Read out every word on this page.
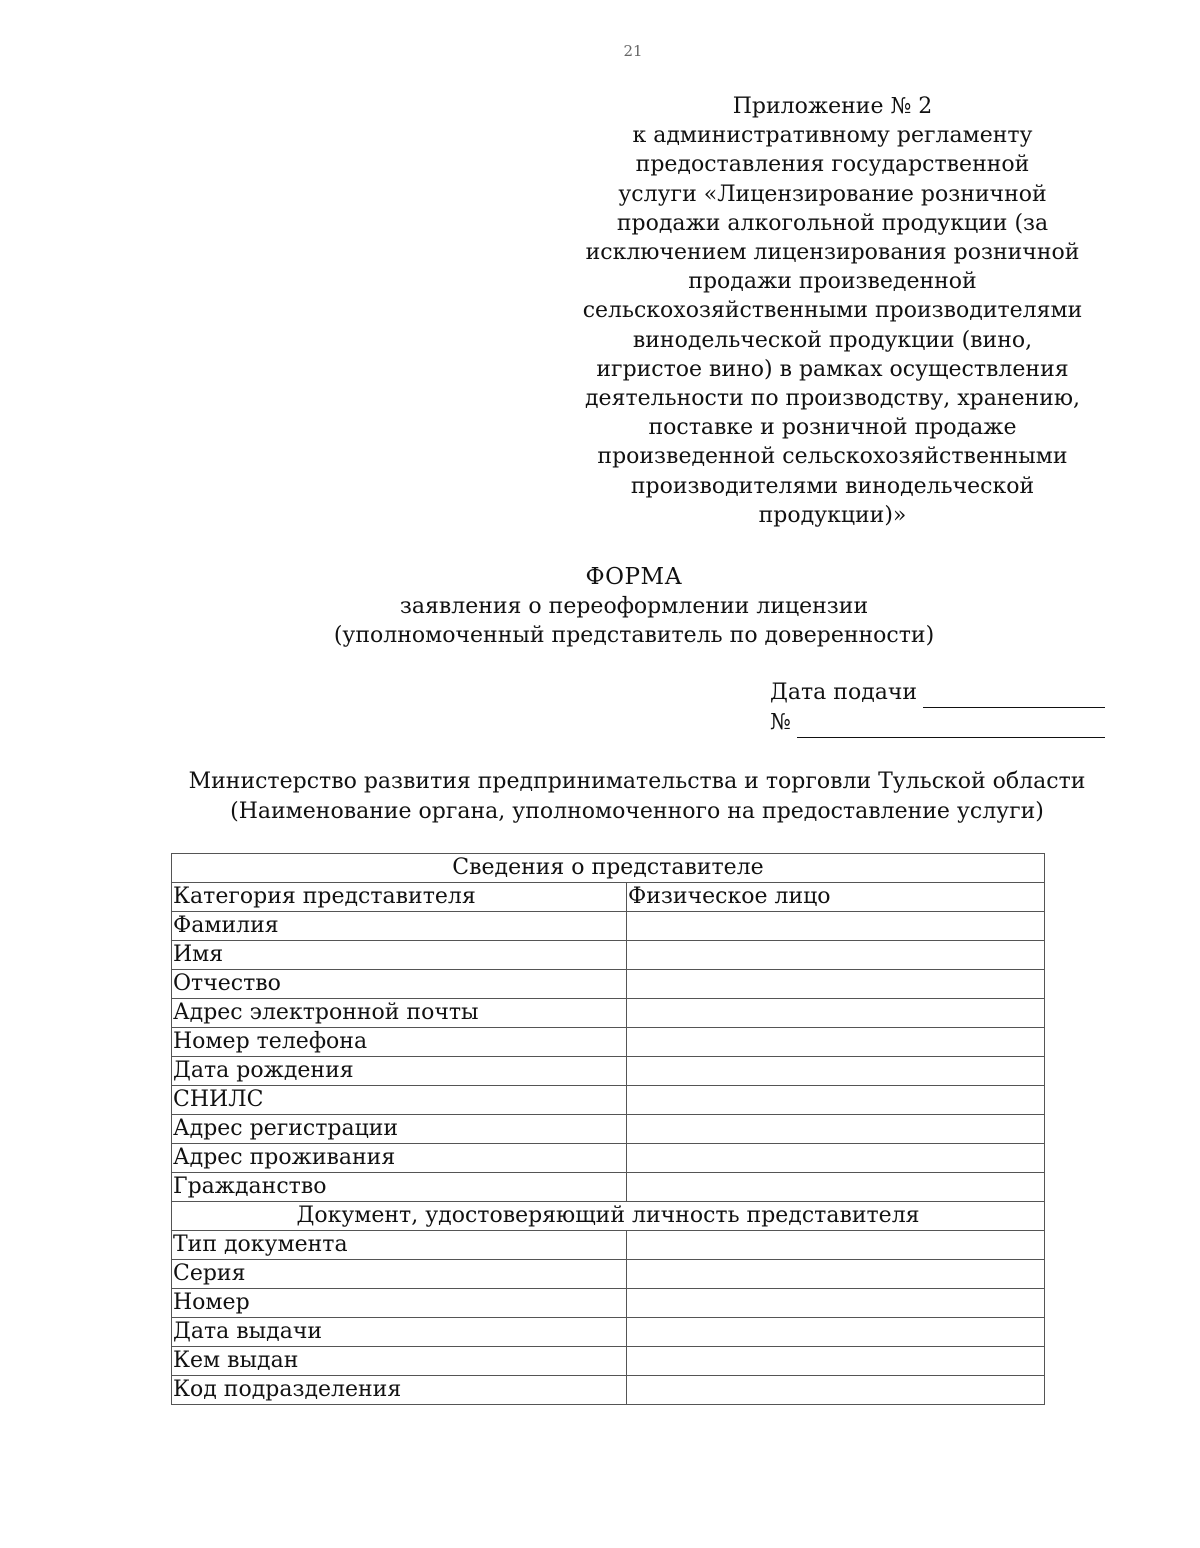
21
Приложение № 2
к административному регламенту
предоставления государственной
услуги «Лицензирование розничной
продажи алкогольной продукции (за
исключением лицензирования розничной
продажи произведенной
сельскохозяйственными производителями
винодельческой продукции (вино,
игристое вино) в рамках осуществления
деятельности по производству, хранению,
поставке и розничной продаже
произведенной сельскохозяйственными
производителями винодельческой
продукции)»
ФОРМА
заявления о переоформлении лицензии
(уполномоченный представитель по доверенности)
Дата подачи
№
Министерство развития предпринимательства и торговли Тульской области
(Наименование органа, уполномоченного на предоставление услуги)
Сведения о представителе	
Категория представителя	Физическое лицо
Фамилия	
Имя	
Отчество	
Адрес электронной почты	
Номер телефона	
Дата рождения	
СНИЛС	
Адрес регистрации	
Адрес проживания	
Гражданство	
Документ, удостоверяющий личность представителя	
Тип документа	
Серия	
Номер	
Дата выдачи	
Кем выдан	
Код подразделения	
